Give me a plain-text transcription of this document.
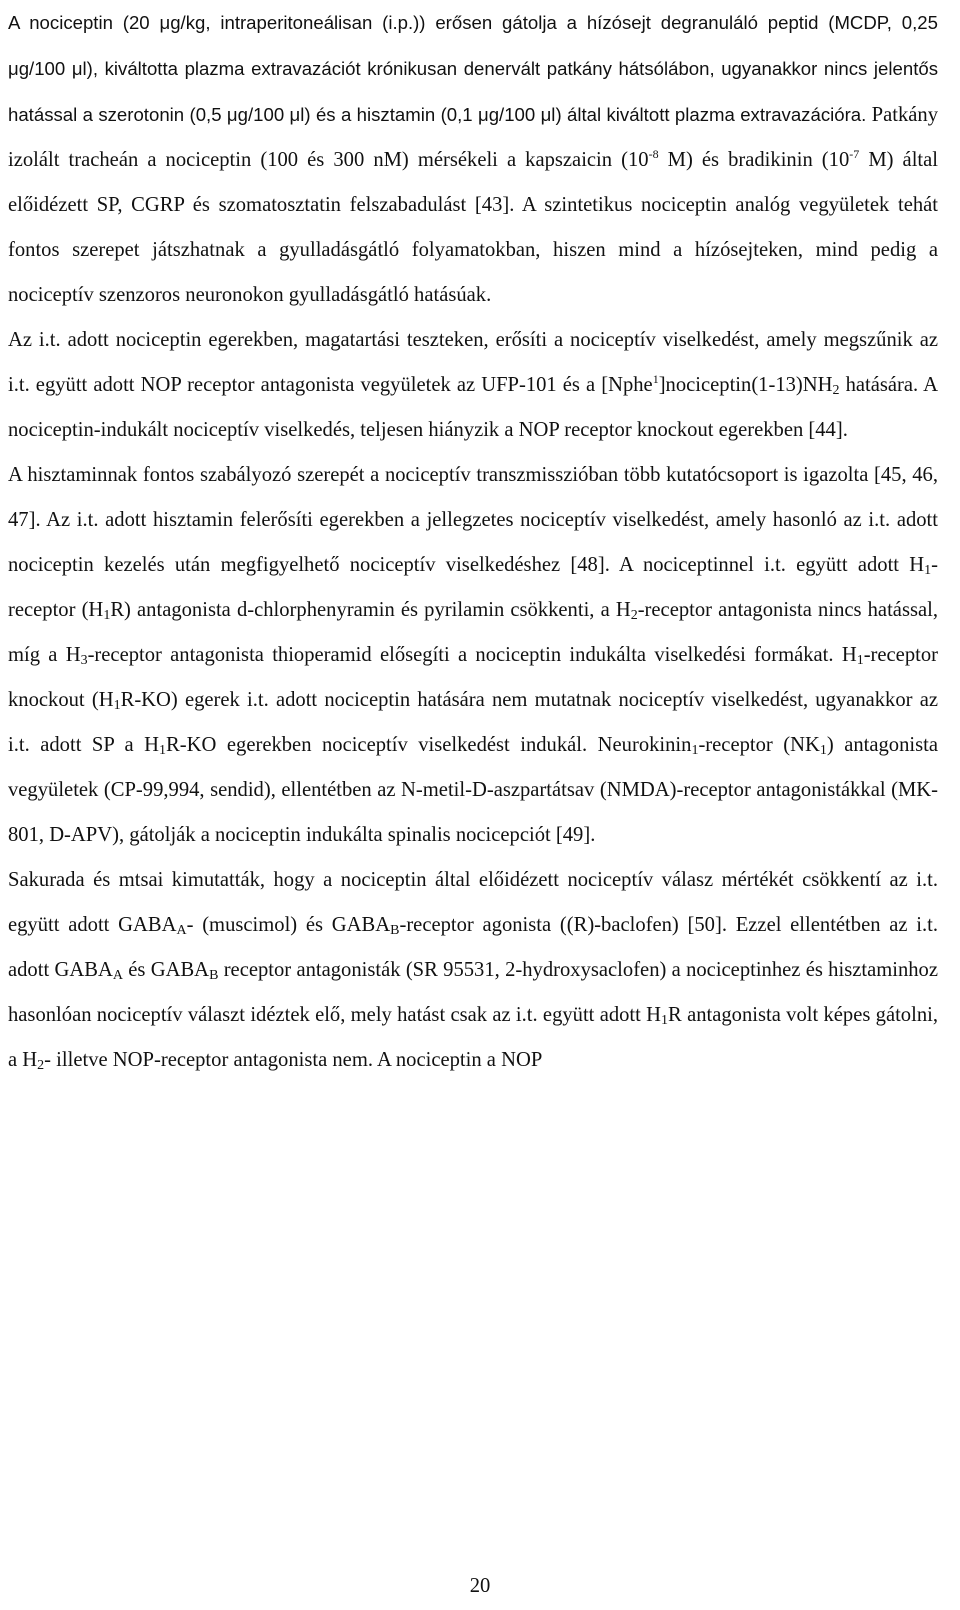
A nociceptin (20 μg/kg, intraperitoneálisan (i.p.)) erősen gátolja a hízósejt degranuláló peptid (MCDP, 0,25 μg/100 μl), kiváltotta plazma extravazációt krónikusan denervált patkány hátsólábon, ugyanakkor nincs jelentős hatással a szerotonin (0,5 μg/100 μl) és a hisztamin (0,1 μg/100 μl) által kiváltott plazma extravazációra. Patkány izolált tracheán a nociceptin (100 és 300 nM) mérsékeli a kapszaicin ($10^{-8}$ M) és bradikinin ($10^{-7}$ M) által előidézett SP, CGRP és szomatosztatin felszabadulást [43]. A szintetikus nociceptin analóg vegyületek tehát fontos szerepet játszhatnak a gyulladásgátló folyamatokban, hiszen mind a hízósejteken, mind pedig a nociceptív szenzoros neuronokon gyulladásgátló hatásúak.

Az i.t. adott nociceptin egerekben, magatartási teszteken, erősíti a nociceptív viselkedést, amely megszűnik az i.t. együtt adott NOP receptor antagonista vegyületek az UFP-101 és a $[Nphe^1]nociceptin(1-13)NH_2$ hatására. A nociceptin-indukált nociceptív viselkedés, teljesen hiányzik a NOP receptor knockout egerekben [44].

A hisztaminnak fontos szabályozó szerepét a nociceptív transzmisszióban több kutatócsoport is igazolta [45, 46, 47]. Az i.t. adott hisztamin felerősíti egerekben a jellegzetes nociceptív viselkedést, amely hasonló az i.t. adott nociceptin kezelés után megfigyelhető nociceptív viselkedéshez [48]. A nociceptinnel i.t. együtt adott $H_1$-receptor $(H_1R)$ antagonista d-chlorphenyramin és pyrilamin csökkenti, a $H_2$-receptor antagonista nincs hatással, míg a $H_3$-receptor antagonista thioperamid elősegíti a nociceptin indukálta viselkedési formákat. $H_1$-receptor knockout $(H_1R-KO)$ egerek i.t. adott nociceptin hatására nem mutatnak nociceptív viselkedést, ugyanakkor az i.t. adott SP a $H_1R-KO$ egerekben nociceptív viselkedést indukál. Neurokinin$_1$-receptor $(NK_1)$ antagonista vegyületek (CP-99,994, sendid), ellentétben az N-metil-D-aszpartátsav (NMDA)-receptor antagonistákkal (MK-801, D-APV), gátolják a nociceptin indukálta spinalis nocicepciót [49].

Sakurada és mtsai kimutatták, hogy a nociceptin által előidézett nociceptív válasz mértékét csökkentí az i.t. együtt adott $GABA_A-$ (muscimol) és $GABA_B$-receptor agonista ((R)-baclofen) [50]. Ezzel ellentétben az i.t. adott $GABA_A$ és $GABA_B$ receptor antagonisták (SR 95531, 2-hydroxysaclofen) a nociceptinhez és hisztaminhoz hasonlóan nociceptív választ idéztek elő, mely hatást csak az i.t. együtt adott $H_1R$ antagonista volt képes gátolni, a $H_2-$ illetve NOP-receptor antagonista nem. A nociceptin a NOP

20
